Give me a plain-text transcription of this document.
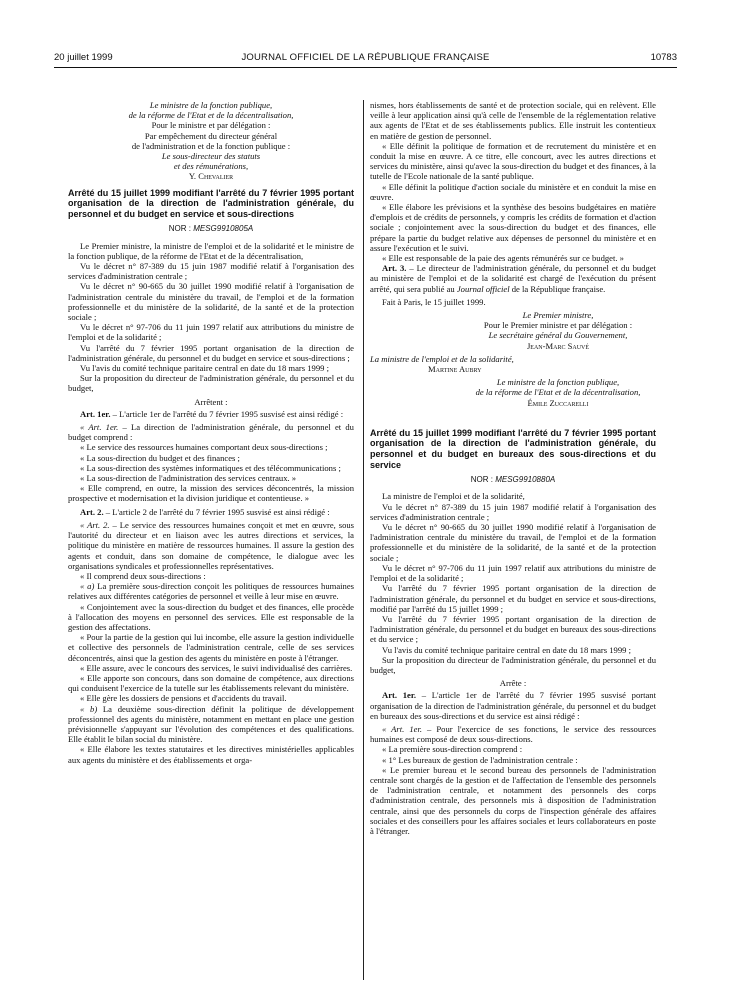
20 juillet 1999	JOURNAL OFFICIEL DE LA RÉPUBLIQUE FRANÇAISE	10783

Le ministre de la fonction publique,

de la réforme de l'Etat et de la décentralisation,

Pour le ministre et par délégation :

Par empêchement du directeur général

de l'administration et de la fonction publique :

Le sous-directeur des statuts

et des rémunérations,

Y. Chevalier

Arrêté du 15 juillet 1999 modifiant l'arrêté du 7 février 1995 portant organisation de la direction de l'administration générale, du personnel et du budget en service et sous-directions

NOR : MESG9910805A

Le Premier ministre, la ministre de l'emploi et de la solidarité et le ministre de la fonction publique, de la réforme de l'Etat et de la décentralisation,

Vu le décret n° 87-389 du 15 juin 1987 modifié relatif à l'organisation des services d'administration centrale ;

Vu le décret n° 90-665 du 30 juillet 1990 modifié relatif à l'organisation de l'administration centrale du ministère du travail, de l'emploi et de la formation professionnelle et du ministère de la solidarité, de la santé et de la protection sociale ;

Vu le décret n° 97-706 du 11 juin 1997 relatif aux attributions du ministre de l'emploi et de la solidarité ;

Vu l'arrêté du 7 février 1995 portant organisation de la direction de l'administration générale, du personnel et du budget en service et sous-directions ;

Vu l'avis du comité technique paritaire central en date du 18 mars 1999 ;

Sur la proposition du directeur de l'administration générale, du personnel et du budget,

Arrêtent :

Art. 1er. – L'article 1er de l'arrêté du 7 février 1995 susvisé est ainsi rédigé :

« Art. 1er. – La direction de l'administration générale, du personnel et du budget comprend :

« Le service des ressources humaines comportant deux sous-directions ;

« La sous-direction du budget et des finances ;

« La sous-direction des systèmes informatiques et des télécommunications ;

« La sous-direction de l'administration des services centraux. »

« Elle comprend, en outre, la mission des services déconcentrés, la mission prospective et modernisation et la division juridique et contentieuse. »

Art. 2. – L'article 2 de l'arrêté du 7 février 1995 susvisé est ainsi rédigé :

« Art. 2. – Le service des ressources humaines conçoit et met en œuvre, sous l'autorité du directeur et en liaison avec les autres directions et services, la politique du ministère en matière de ressources humaines. Il assure la gestion des agents et conduit, dans son domaine de compétence, le dialogue avec les organisations syndicales et professionnelles représentatives.

« Il comprend deux sous-directions :

« a) La première sous-direction conçoit les politiques de ressources humaines relatives aux différentes catégories de personnel et veille à leur mise en œuvre.

« Conjointement avec la sous-direction du budget et des finances, elle procède à l'allocation des moyens en personnel des services. Elle est responsable de la gestion des affectations.

« Pour la partie de la gestion qui lui incombe, elle assure la gestion individuelle et collective des personnels de l'administration centrale, celle de ses services déconcentrés, ainsi que la gestion des agents du ministère en poste à l'étranger.

« Elle assure, avec le concours des services, le suivi individualisé des carrières.

« Elle apporte son concours, dans son domaine de compétence, aux directions qui conduisent l'exercice de la tutelle sur les établissements relevant du ministère.

« Elle gère les dossiers de pensions et d'accidents du travail.

« b) La deuxième sous-direction définit la politique de développement professionnel des agents du ministère, notamment en mettant en place une gestion prévisionnelle s'appuyant sur l'évolution des compétences et des qualifications. Elle établit le bilan social du ministère.

« Elle élabore les textes statutaires et les directives ministérielles applicables aux agents du ministère et des établissements et orga-

nismes, hors établissements de santé et de protection sociale, qui en relèvent. Elle veille à leur application ainsi qu'à celle de l'ensemble de la réglementation relative aux agents de l'Etat et de ses établissements publics. Elle instruit les contentieux en matière de gestion de personnel.

« Elle définit la politique de formation et de recrutement du ministère et en conduit la mise en œuvre. A ce titre, elle concourt, avec les autres directions et services du ministère, ainsi qu'avec la sous-direction du budget et des finances, à la tutelle de l'Ecole nationale de la santé publique.

« Elle définit la politique d'action sociale du ministère et en conduit la mise en œuvre.

« Elle élabore les prévisions et la synthèse des besoins budgétaires en matière d'emplois et de crédits de personnels, y compris les crédits de formation et d'action sociale ; conjointement avec la sous-direction du budget et des finances, elle prépare la partie du budget relative aux dépenses de personnel du ministère et en assure l'exécution et le suivi.

« Elle est responsable de la paie des agents rémunérés sur ce budget. »

Art. 3. – Le directeur de l'administration générale, du personnel et du budget au ministère de l'emploi et de la solidarité est chargé de l'exécution du présent arrêté, qui sera publié au Journal officiel de la République française.

Fait à Paris, le 15 juillet 1999.

Le Premier ministre,

Pour le Premier ministre et par délégation :

Le secrétaire général du Gouvernement,

Jean-Marc Sauvé

La ministre de l'emploi et de la solidarité,

Martine Aubry

Le ministre de la fonction publique,

de la réforme de l'Etat et de la décentralisation,

Émile Zuccarelli

Arrêté du 15 juillet 1999 modifiant l'arrêté du 7 février 1995 portant organisation de la direction de l'administration générale, du personnel et du budget en bureaux des sous-directions et du service

NOR : MESG9910880A

La ministre de l'emploi et de la solidarité,

Vu le décret n° 87-389 du 15 juin 1987 modifié relatif à l'organisation des services d'administration centrale ;

Vu le décret n° 90-665 du 30 juillet 1990 modifié relatif à l'organisation de l'administration centrale du ministère du travail, de l'emploi et de la formation professionnelle et du ministère de la solidarité, de la santé et de la protection sociale ;

Vu le décret n° 97-706 du 11 juin 1997 relatif aux attributions du ministre de l'emploi et de la solidarité ;

Vu l'arrêté du 7 février 1995 portant organisation de la direction de l'administration générale, du personnel et du budget en service et sous-directions, modifié par l'arrêté du 15 juillet 1999 ;

Vu l'arrêté du 7 février 1995 portant organisation de la direction de l'administration générale, du personnel et du budget en bureaux des sous-directions et du service ;

Vu l'avis du comité technique paritaire central en date du 18 mars 1999 ;

Sur la proposition du directeur de l'administration générale, du personnel et du budget,

Arrête :

Art. 1er. – L'article 1er de l'arrêté du 7 février 1995 susvisé portant organisation de la direction de l'administration générale, du personnel et du budget en bureaux des sous-directions et du service est ainsi rédigé :

« Art. 1er. – Pour l'exercice de ses fonctions, le service des ressources humaines est composé de deux sous-directions.

« La première sous-direction comprend :

« 1° Les bureaux de gestion de l'administration centrale :

« Le premier bureau et le second bureau des personnels de l'administration centrale sont chargés de la gestion et de l'affectation de l'ensemble des personnels de l'administration centrale, et notamment des personnels des corps d'administration centrale, des personnels mis à disposition de l'administration centrale, ainsi que des personnels du corps de l'inspection générale des affaires sociales et des conseillers pour les affaires sociales et leurs collaborateurs en poste à l'étranger.
